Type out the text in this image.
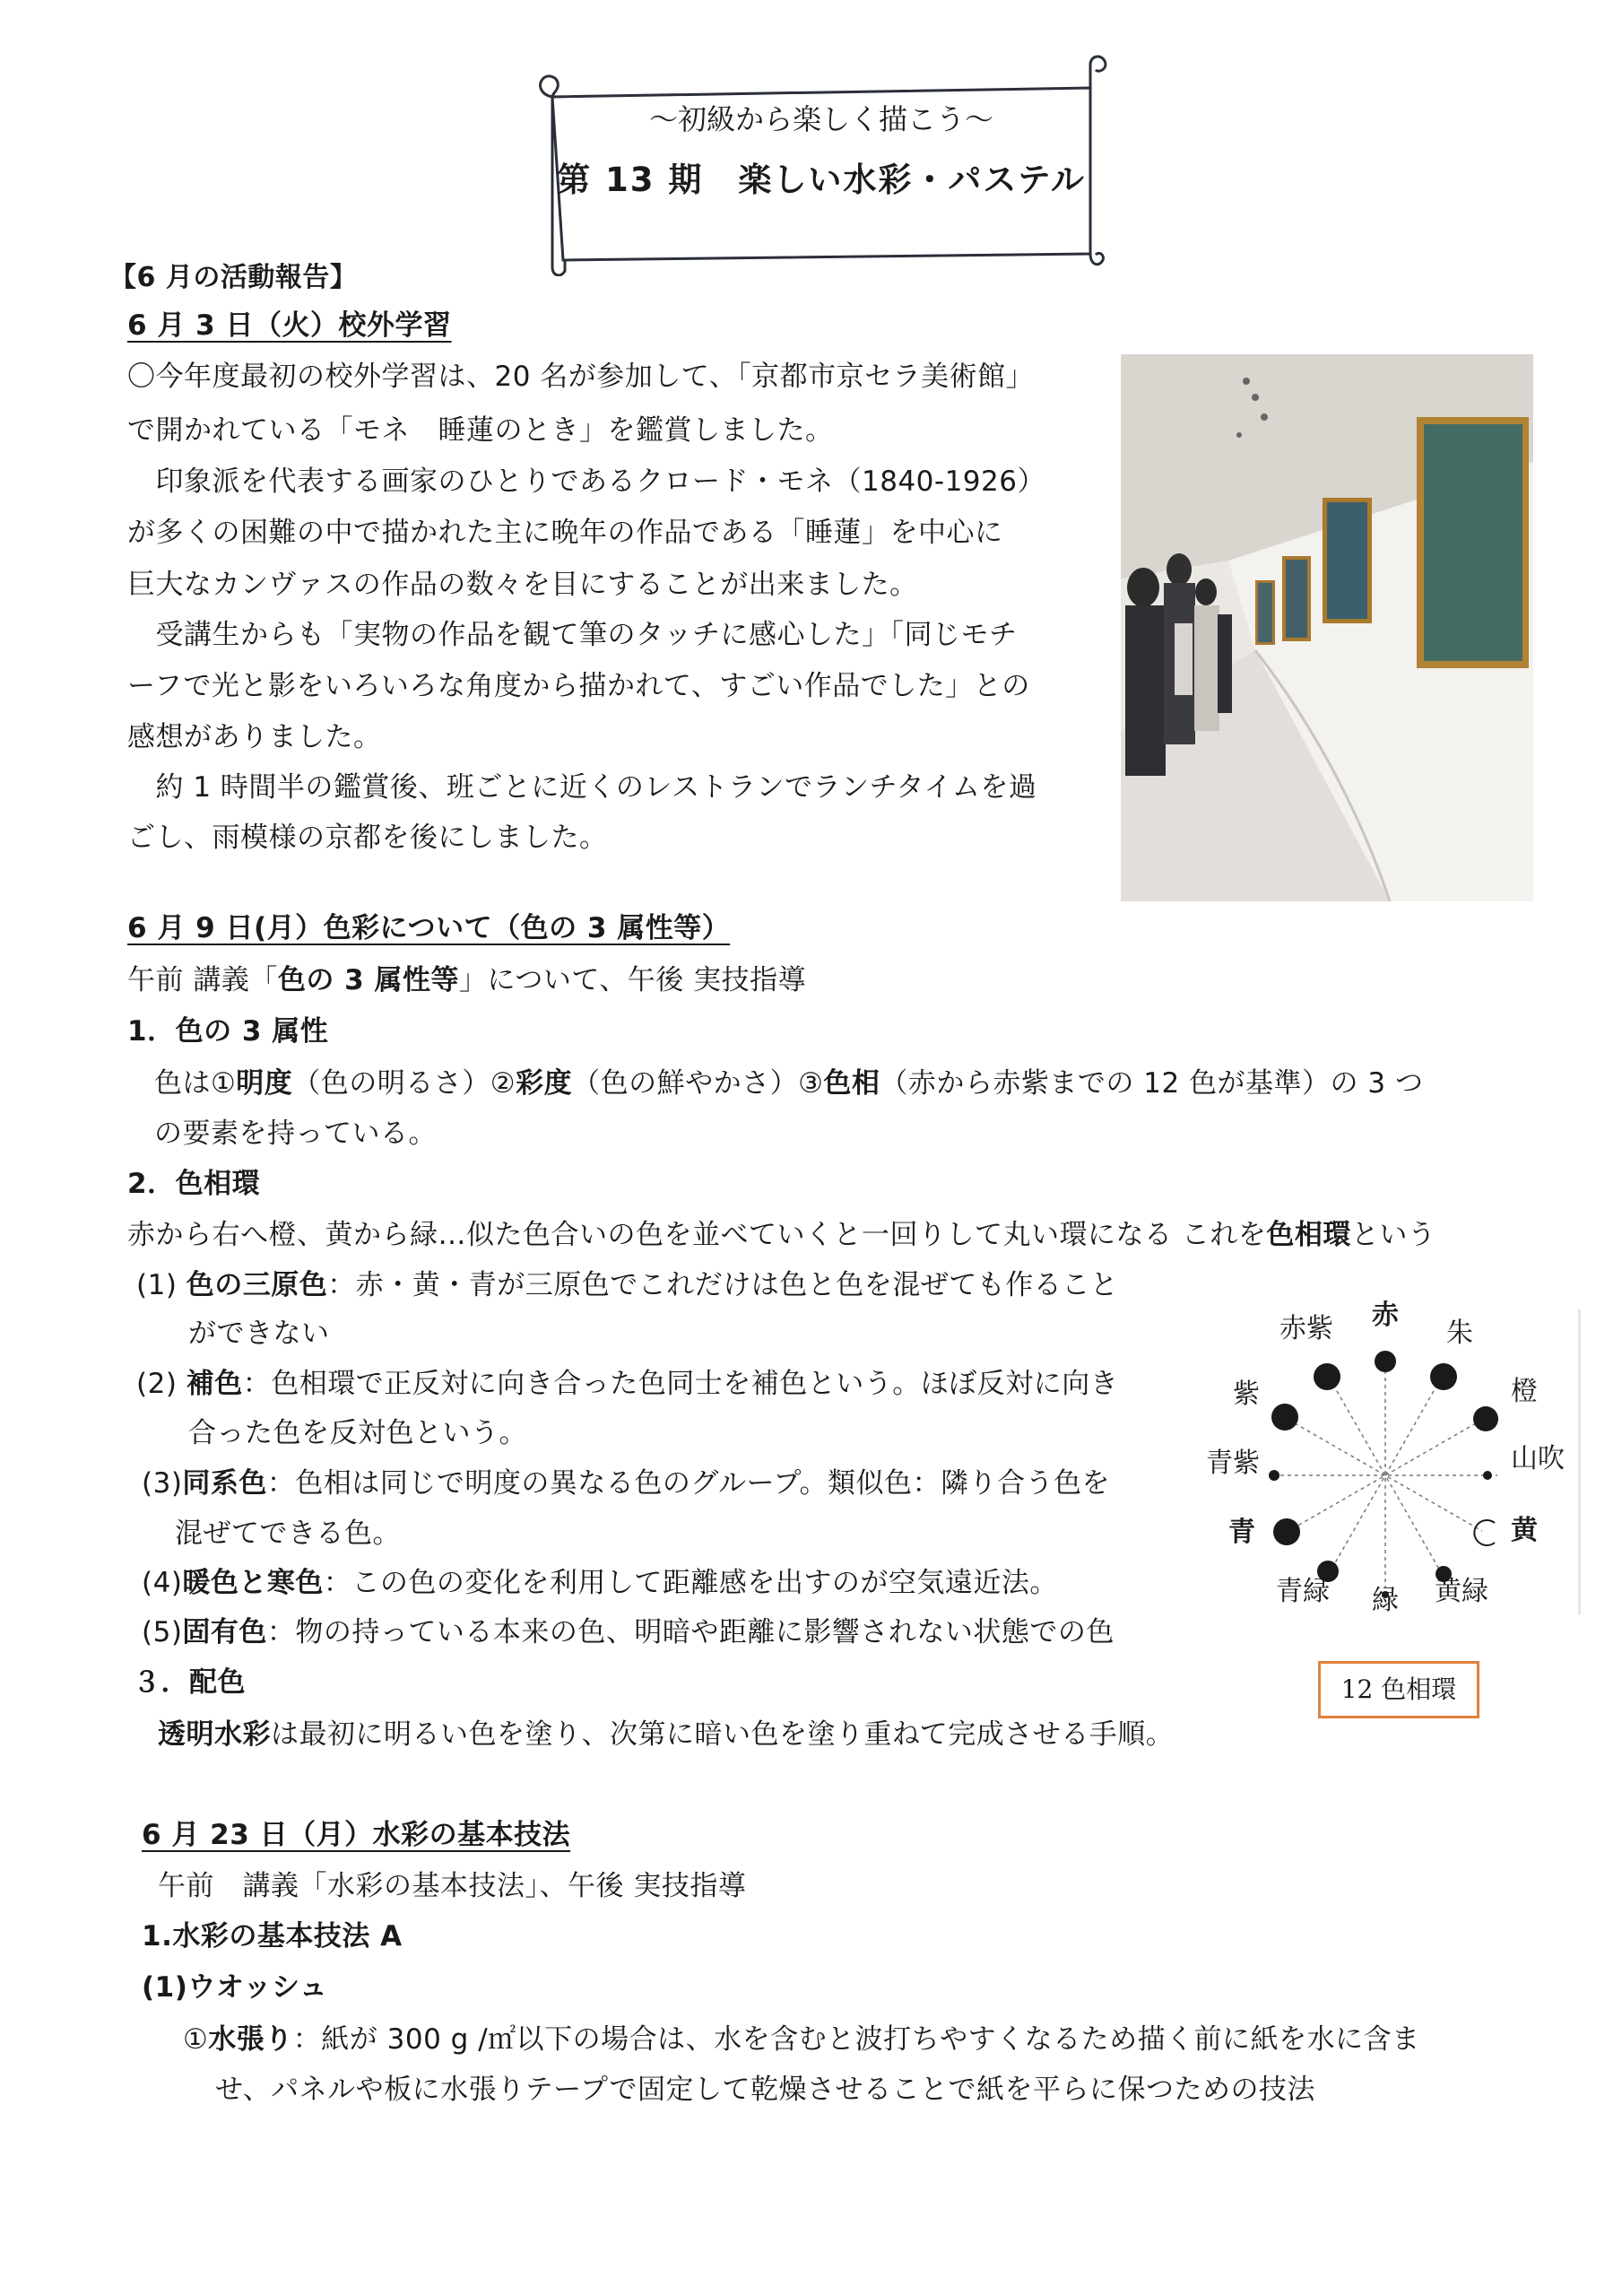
〜初級から楽しく描こう〜
第 13 期　楽しい水彩・パステル
【6 月の活動報告】
6 月 3 日（火）校外学習
〇今年度最初の校外学習は、20 名が参加して、「京都市京セラ美術館」
で開かれている「モネ　睡蓮のとき」を鑑賞しました。
　印象派を代表する画家のひとりであるクロード・モネ（1840-1926）
が多くの困難の中で描かれた主に晩年の作品である「睡蓮」を中心に
巨大なカンヴァスの作品の数々を目にすることが出来ました。
　受講生からも「実物の作品を観て筆のタッチに感心した」「同じモチ
ーフで光と影をいろいろな角度から描かれて、すごい作品でした」との
感想がありました。
　約 1 時間半の鑑賞後、班ごとに近くのレストランでランチタイムを過
ごし、雨模様の京都を後にしました。
6 月 9 日(月）色彩について（色の 3 属性等）
午前 講義「色の 3 属性等」について、午後 実技指導
1．色の 3 属性
色は①明度（色の明るさ）②彩度（色の鮮やかさ）③色相（赤から赤紫までの 12 色が基準）の 3 つ
の要素を持っている。
2．色相環
赤から右へ橙、黄から緑…似た色合いの色を並べていくと一回りして丸い環になる これを色相環という
(1) 色の三原色：赤・黄・青が三原色でこれだけは色と色を混ぜても作ること
ができない
(2) 補色：色相環で正反対に向き合った色同士を補色という。ほぼ反対に向き
合った色を反対色という。
(3)同系色：色相は同じで明度の異なる色のグループ。類似色：隣り合う色を
混ぜてできる色。
(4)暖色と寒色：この色の変化を利用して距離感を出すのが空気遠近法。
(5)固有色：物の持っている本来の色、明暗や距離に影響されない状態での色
３．配色
透明水彩は最初に明るい色を塗り、次第に暗い色を塗り重ねて完成させる手順。
赤
朱
橙
山吹
黄
黄緑
緑
青緑
青
青紫
紫
赤紫
12 色相環
6 月 23 日（月）水彩の基本技法
午前　講義「水彩の基本技法」、午後 実技指導
1.水彩の基本技法 A
(1)ウオッシュ
①水張り：紙が 300 g /㎡以下の場合は、水を含むと波打ちやすくなるため描く前に紙を水に含ま
せ、パネルや板に水張りテープで固定して乾燥させることで紙を平らに保つための技法
